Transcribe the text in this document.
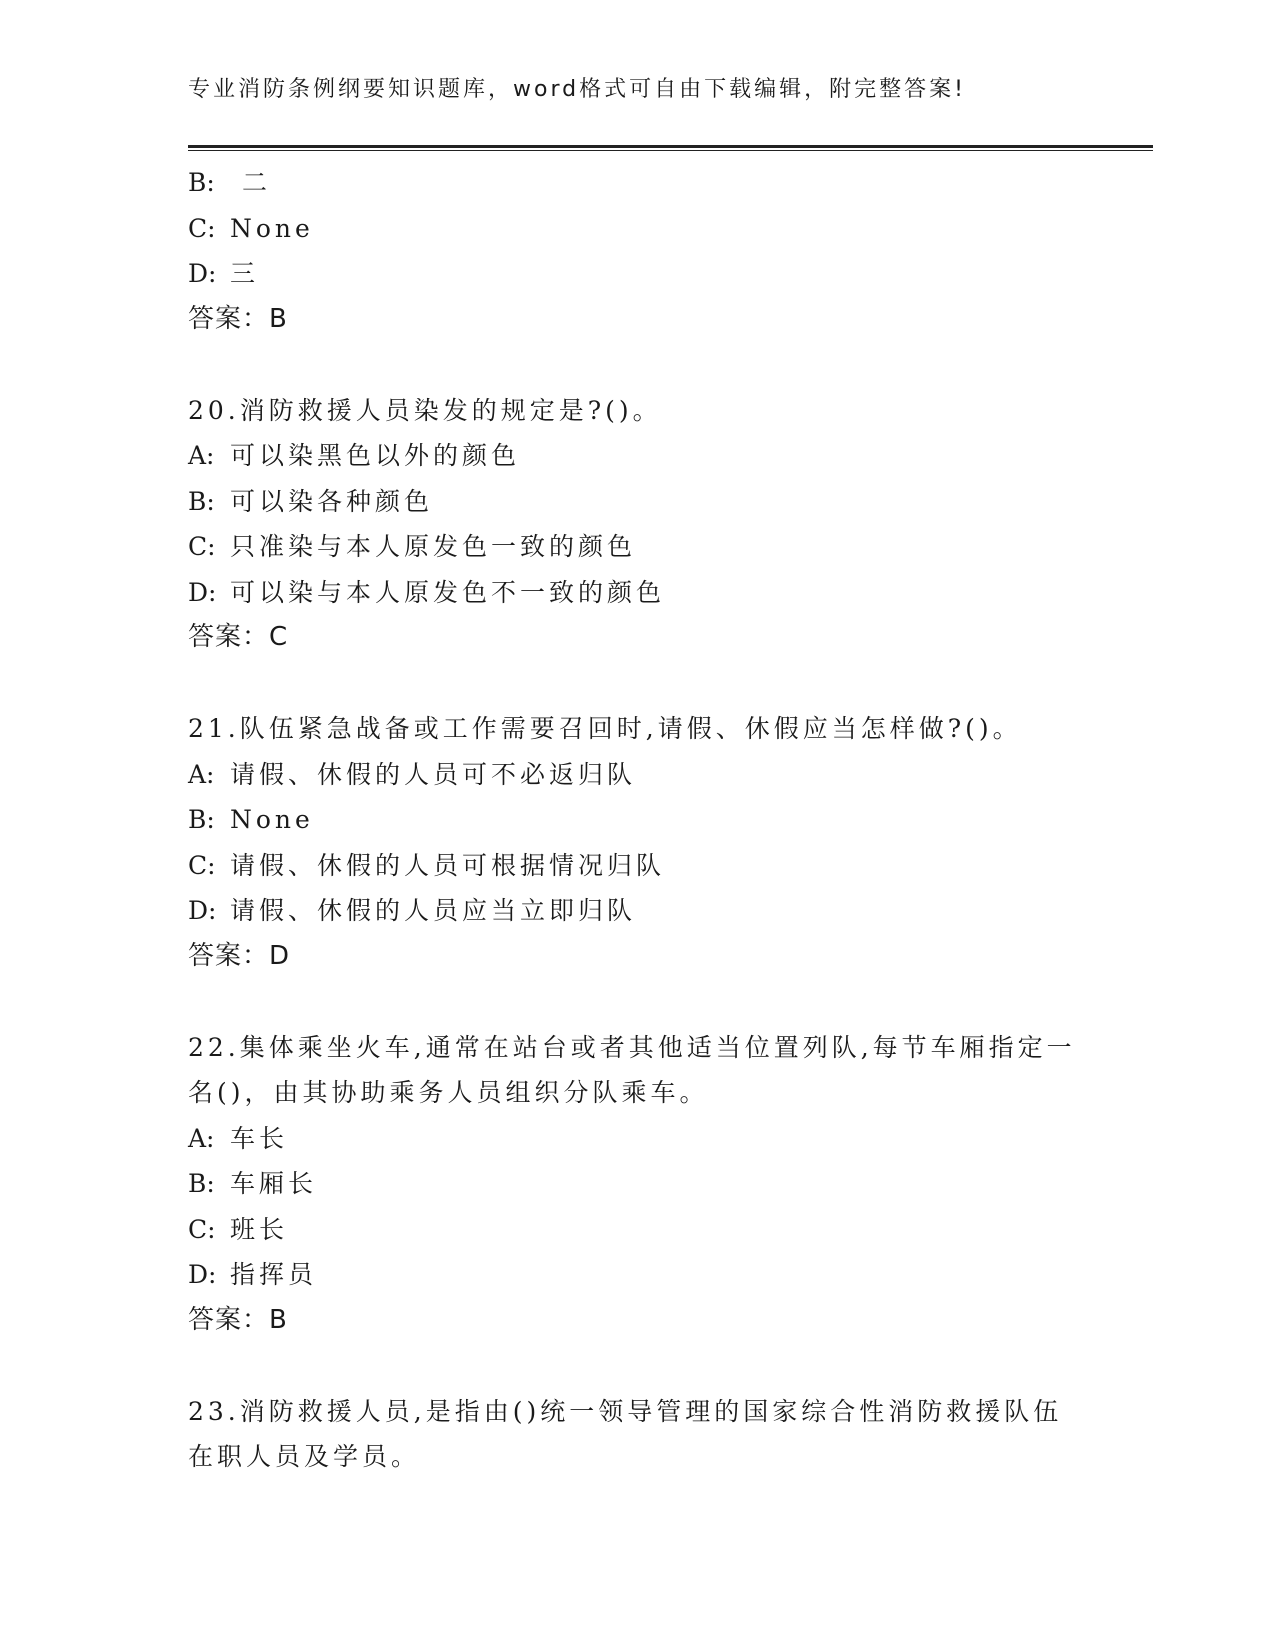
专业消防条例纲要知识题库，word格式可自由下载编辑，附完整答案!
B: 二
C: None
D: 三
答案：B
20.消防救援人员染发的规定是?()。
A: 可以染黑色以外的颜色
B: 可以染各种颜色
C: 只准染与本人原发色一致的颜色
D: 可以染与本人原发色不一致的颜色
答案：C
21.队伍紧急战备或工作需要召回时,请假、休假应当怎样做?()。
A: 请假、休假的人员可不必返归队
B: None
C: 请假、休假的人员可根据情况归队
D: 请假、休假的人员应当立即归队
答案：D
22.集体乘坐火车,通常在站台或者其他适当位置列队,每节车厢指定一
名()，由其协助乘务人员组织分队乘车。
A: 车长
B: 车厢长
C: 班长
D: 指挥员
答案：B
23.消防救援人员,是指由()统一领导管理的国家综合性消防救援队伍
在职人员及学员。
